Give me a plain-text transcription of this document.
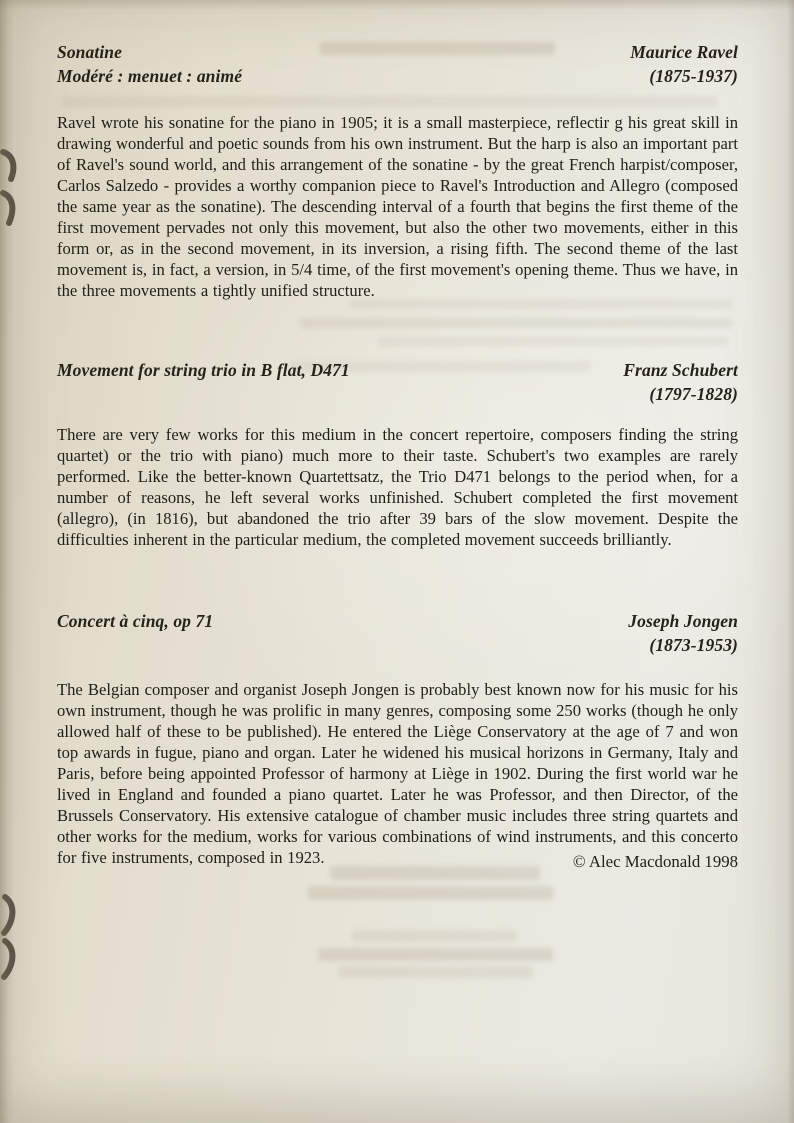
Sonatine
Modéré : menuet : animé
Maurice Ravel
(1875-1937)
Ravel wrote his sonatine for the piano in 1905; it is a small masterpiece, reflectir g his great skill in drawing wonderful and poetic sounds from his own instrument. But the harp is also an important part of Ravel's sound world, and this arrangement of the sonatine - by the great French harpist/composer, Carlos Salzedo - provides a worthy companion piece to Ravel's Introduction and Allegro (composed the same year as the sonatine). The descending interval of a fourth that begins the first theme of the first movement pervades not only this movement, but also the other two movements, either in this form or, as in the second movement, in its inversion, a rising fifth. The second theme of the last movement is, in fact, a version, in 5/4 time, of the first movement's opening theme. Thus we have, in the three movements a tightly unified structure.
Movement for string trio in B flat, D471	Franz Schubert
(1797-1828)
There are very few works for this medium in the concert repertoire, composers finding the string quartet) or the trio with piano) much more to their taste. Schubert's two examples are rarely performed. Like the better-known Quartettsatz, the Trio D471 belongs to the period when, for a number of reasons, he left several works unfinished. Schubert completed the first movement (allegro), (in 1816), but abandoned the trio after 39 bars of the slow movement. Despite the difficulties inherent in the particular medium, the completed movement succeeds brilliantly.
Concert à cinq, op 71	Joseph Jongen
(1873-1953)
The Belgian composer and organist Joseph Jongen is probably best known now for his music for his own instrument, though he was prolific in many genres, composing some 250 works (though he only allowed half of these to be published). He entered the Liège Conservatory at the age of 7 and won top awards in fugue, piano and organ. Later he widened his musical horizons in Germany, Italy and Paris, before being appointed Professor of harmony at Liège in 1902. During the first world war he lived in England and founded a piano quartet. Later he was Professor, and then Director, of the Brussels Conservatory. His extensive catalogue of chamber music includes three string quartets and other works for the medium, works for various combinations of wind instruments, and this concerto for five instruments, composed in 1923.	© Alec Macdonald 1998
